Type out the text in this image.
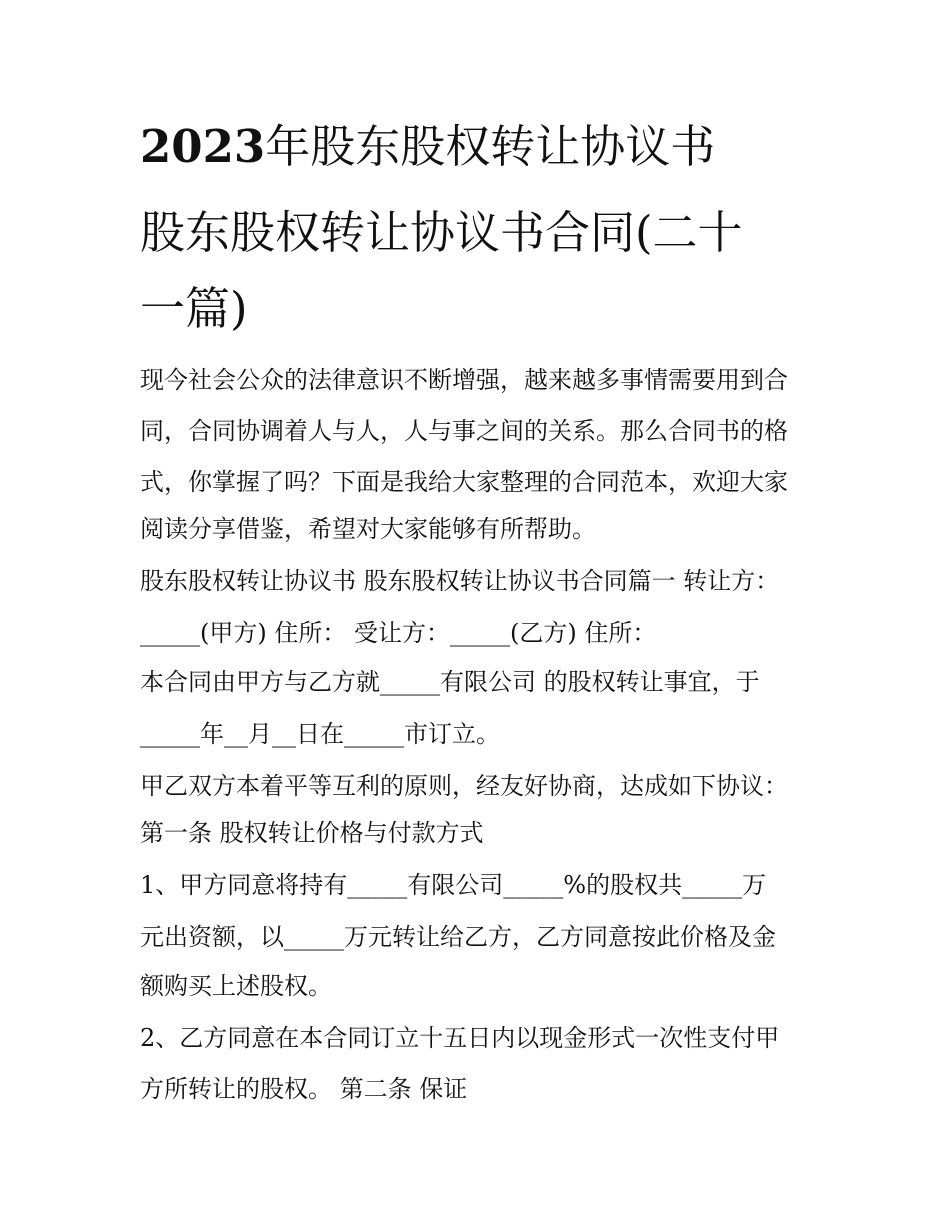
2023年股东股权转让协议书
股东股权转让协议书合同(二十
一篇)

现今社会公众的法律意识不断增强，越来越多事情需要用到合

同，合同协调着人与人，人与事之间的关系。那么合同书的格

式，你掌握了吗？下面是我给大家整理的合同范本，欢迎大家

阅读分享借鉴，希望对大家能够有所帮助。

股东股权转让协议书 股东股权转让协议书合同篇一 转让方：

_____(甲方) 住所： 受让方：_____(乙方) 住所：

本合同由甲方与乙方就_____有限公司 的股权转让事宜，于

_____年__月__日在_____市订立。

甲乙双方本着平等互利的原则，经友好协商，达成如下协议：

第一条 股权转让价格与付款方式

1、甲方同意将持有_____有限公司_____%的股权共_____万

元出资额，以_____万元转让给乙方，乙方同意按此价格及金

额购买上述股权。

2、乙方同意在本合同订立十五日内以现金形式一次性支付甲

方所转让的股权。 第二条 保证
